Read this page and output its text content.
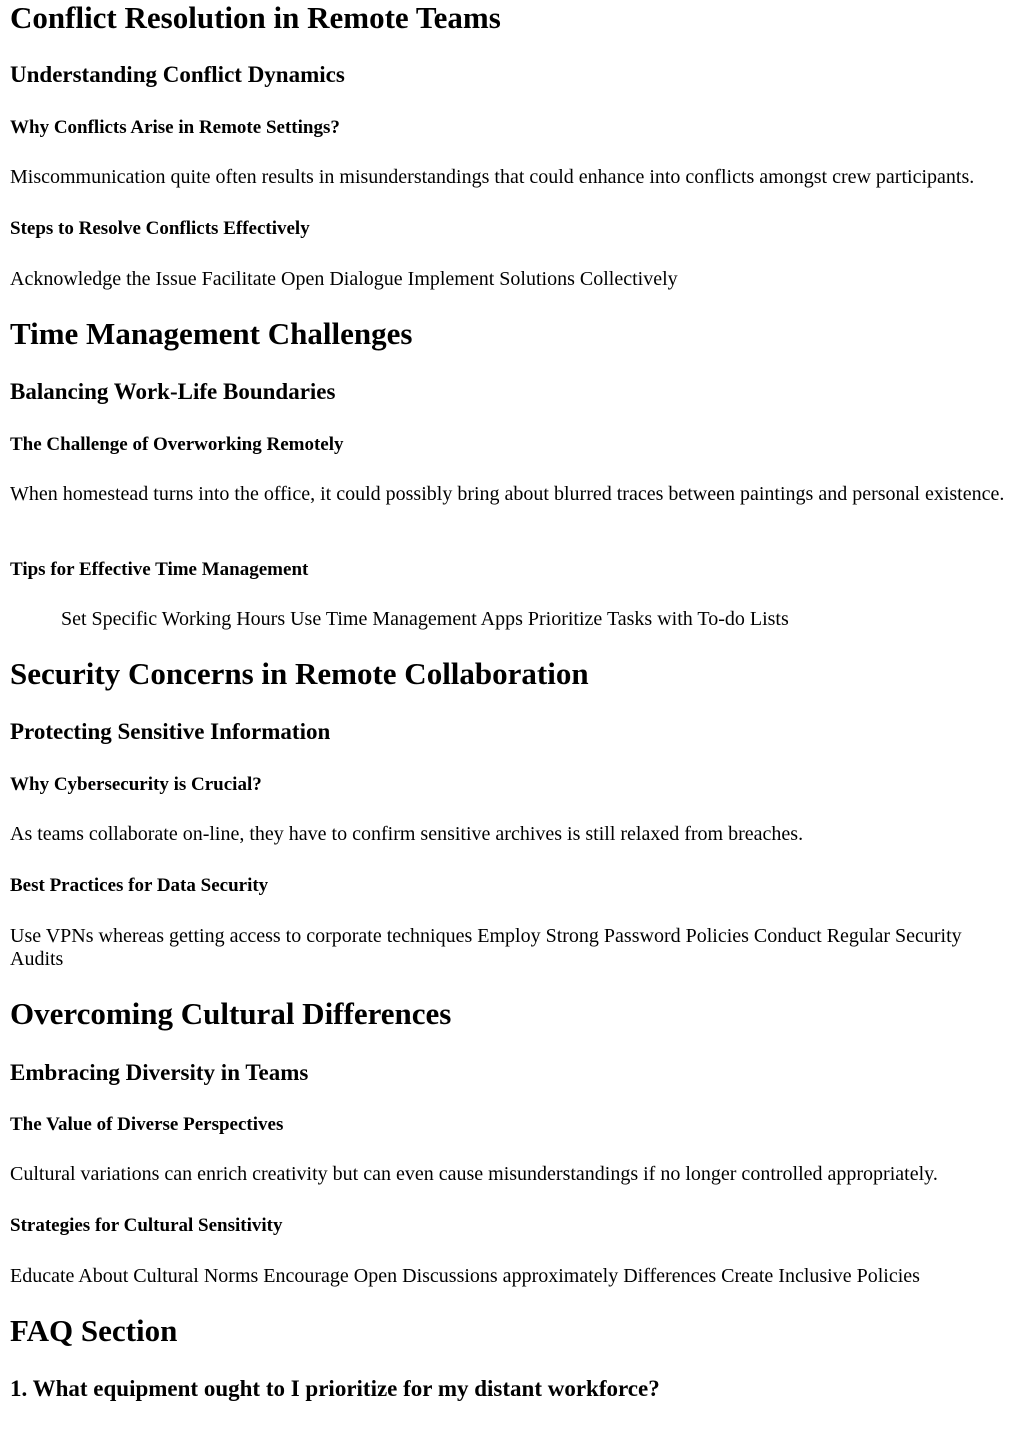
Conflict Resolution in Remote Teams
Understanding Conflict Dynamics
Why Conflicts Arise in Remote Settings?

Miscommunication quite often results in misunderstandings that could enhance into conflicts amongst crew participants.

Steps to Resolve Conflicts Effectively

Acknowledge the Issue Facilitate Open Dialogue Implement Solutions Collectively

Time Management Challenges
Balancing Work-Life Boundaries
The Challenge of Overworking Remotely

When homestead turns into the office, it could possibly bring about blurred traces between paintings and personal existence.

Tips for Effective Time Management

Set Specific Working Hours Use Time Management Apps Prioritize Tasks with To-do Lists

Security Concerns in Remote Collaboration
Protecting Sensitive Information
Why Cybersecurity is Crucial?

As teams collaborate on-line, they have to confirm sensitive archives is still relaxed from breaches.

Best Practices for Data Security

Use VPNs whereas getting access to corporate techniques Employ Strong Password Policies Conduct Regular Security Audits

Overcoming Cultural Differences
Embracing Diversity in Teams
The Value of Diverse Perspectives

Cultural variations can enrich creativity but can even cause misunderstandings if no longer controlled appropriately.

Strategies for Cultural Sensitivity

Educate About Cultural Norms Encourage Open Discussions approximately Differences Create Inclusive Policies

FAQ Section
1. What equipment ought to I prioritize for my distant workforce?
